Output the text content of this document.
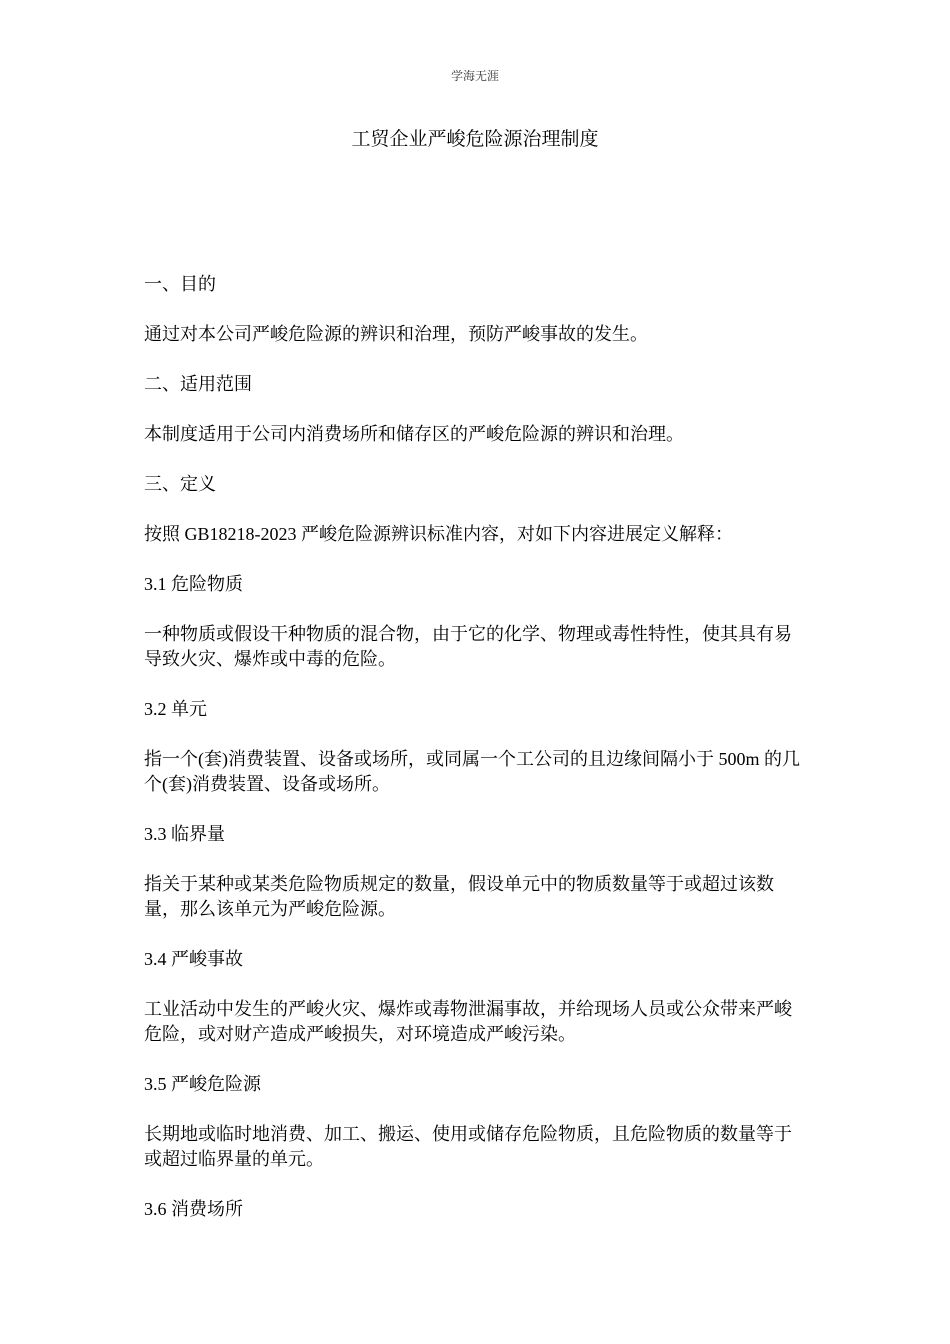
学海无涯
工贸企业严峻危险源治理制度

一、目的

通过对本公司严峻危险源的辨识和治理，预防严峻事故的发生。

二、适用范围

本制度适用于公司内消费场所和储存区的严峻危险源的辨识和治理。

三、定义

按照 GB18218-2023 严峻危险源辨识标准内容，对如下内容进展定义解释：

3.1 危险物质

一种物质或假设干种物质的混合物，由于它的化学、物理或毒性特性，使其具有易导致火灾、爆炸或中毒的危险。

3.2 单元

指一个(套)消费装置、设备或场所，或同属一个工公司的且边缘间隔小于 500m 的几个(套)消费装置、设备或场所。

3.3 临界量

指关于某种或某类危险物质规定的数量，假设单元中的物质数量等于或超过该数量，那么该单元为严峻危险源。

3.4 严峻事故

工业活动中发生的严峻火灾、爆炸或毒物泄漏事故，并给现场人员或公众带来严峻危险，或对财产造成严峻损失，对环境造成严峻污染。

3.5 严峻危险源

长期地或临时地消费、加工、搬运、使用或储存危险物质，且危险物质的数量等于或超过临界量的单元。

3.6 消费场所
